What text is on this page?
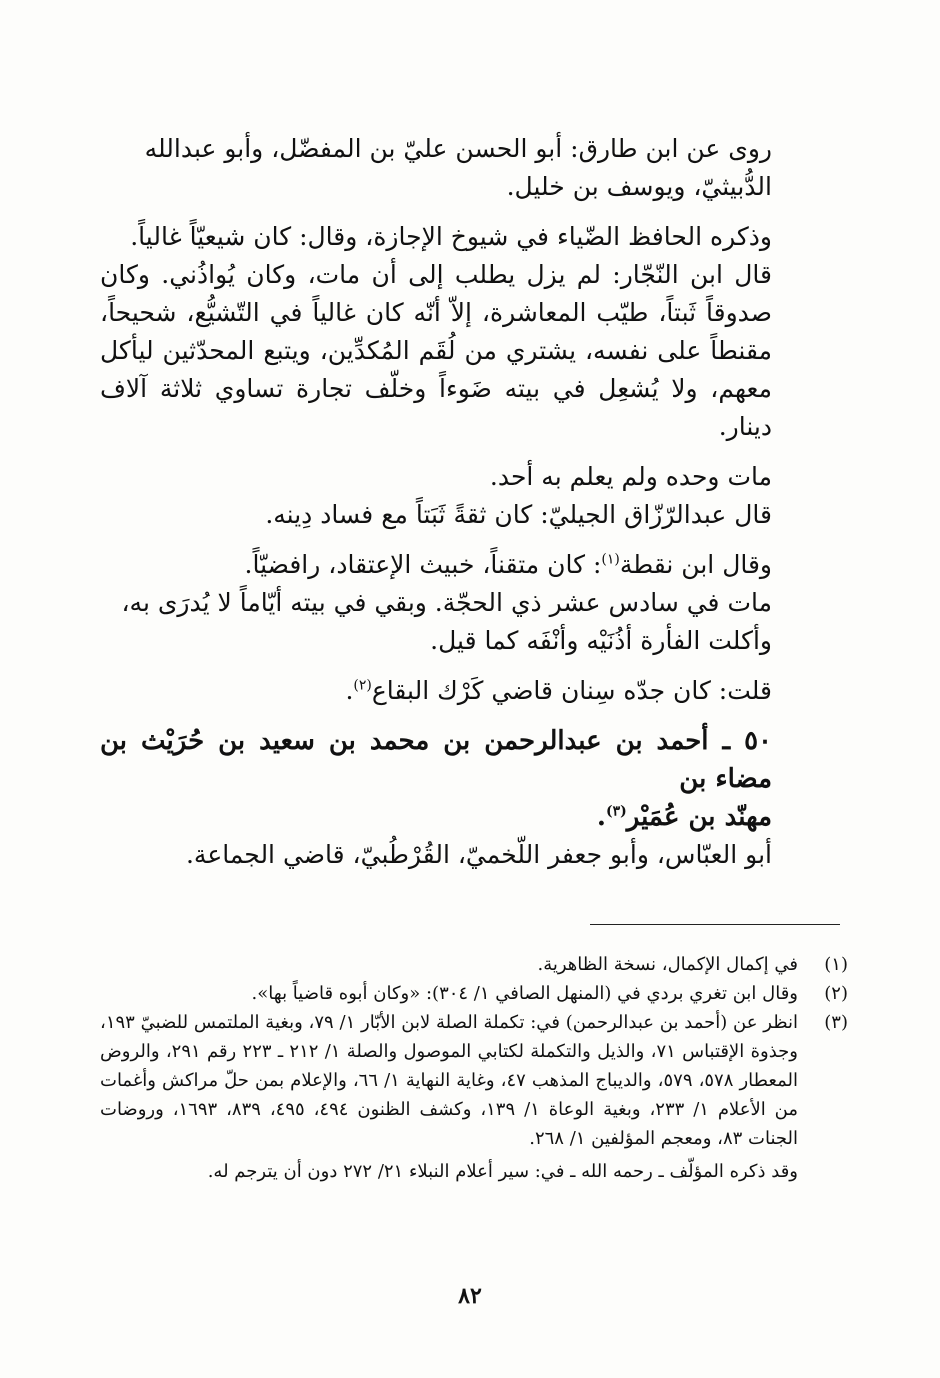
روى عن ابن طارق: أبو الحسن عليّ بن المفضّل، وأبو عبدالله
الدُّبيثيّ، ويوسف بن خليل.

وذكره الحافظ الضّياء في شيوخ الإجازة، وقال: كان شيعيّاً غالياً.

قال ابن النّجّار: لم يزل يطلب إلى أن مات، وكان يُواذُني. وكان صدوقاً ثَبتاً، طيّب المعاشرة، إلاّ أنّه كان غالياً في التّشيُّع، شحيحاً، مقنطاً على نفسه، يشتري من لُقَم المُكدِّين، ويتبع المحدّثين ليأكل معهم، ولا يُشعِل في بيته ضَوءاً وخلّف تجارة تساوي ثلاثة آلاف دينار.

مات وحده ولم يعلم به أحد.

قال عبدالرّزّاق الجيليّ: كان ثقةً ثَبَتاً مع فساد دِينه.

وقال ابن نقطة$^{(١)}$: كان متقناً، خبيث الإعتقاد، رافضيّاً.

مات في سادس عشر ذي الحجّة. وبقي في بيته أيّاماً لا يُدرَى به،
وأكلت الفأرة أذُنَيْه وأنْفَه كما قيل.

قلت: كان جدّه سِنان قاضي كَرْك البقاع$^{(٢)}$.

٥٠ ـ أحمد بن عبدالرحمن بن محمد بن سعيد بن حُرَيْث بن مضاء بن
مهنّد بن عُمَيْر$^{(٣)}$.

أبو العبّاس، وأبو جعفر اللّخميّ، القُرْطُبيّ، قاضي الجماعة.

(١)
في إكمال الإكمال، نسخة الظاهرية.
(٢)
وقال ابن تغري بردي في (المنهل الصافي ١/ ٣٠٤): «وكان أبوه قاضياً بها».
(٣)
انظر عن (أحمد بن عبدالرحمن) في: تكملة الصلة لابن الأبّار ١/ ٧٩، وبغية الملتمس للضبيّ ١٩٣، وجذوة الإقتباس ٧١، والذيل والتكملة لكتابي الموصول والصلة ١/ ٢١٢ ـ ٢٢٣ رقم ٢٩١، والروض المعطار ٥٧٨، ٥٧٩، والديباج المذهب ٤٧، وغاية النهاية ١/ ٦٦، والإعلام بمن حلّ مراكش وأغمات من الأعلام ١/ ٢٣٣، وبغية الوعاة ١/ ١٣٩، وكشف الظنون ٤٩٤، ٤٩٥، ٨٣٩، ١٦٩٣، وروضات الجنات ٨٣، ومعجم المؤلفين ١/ ٢٦٨.
وقد ذكره المؤلّف ـ رحمه الله ـ في: سير أعلام النبلاء ٢١/ ٢٧٢ دون أن يترجم له.
٨٢
